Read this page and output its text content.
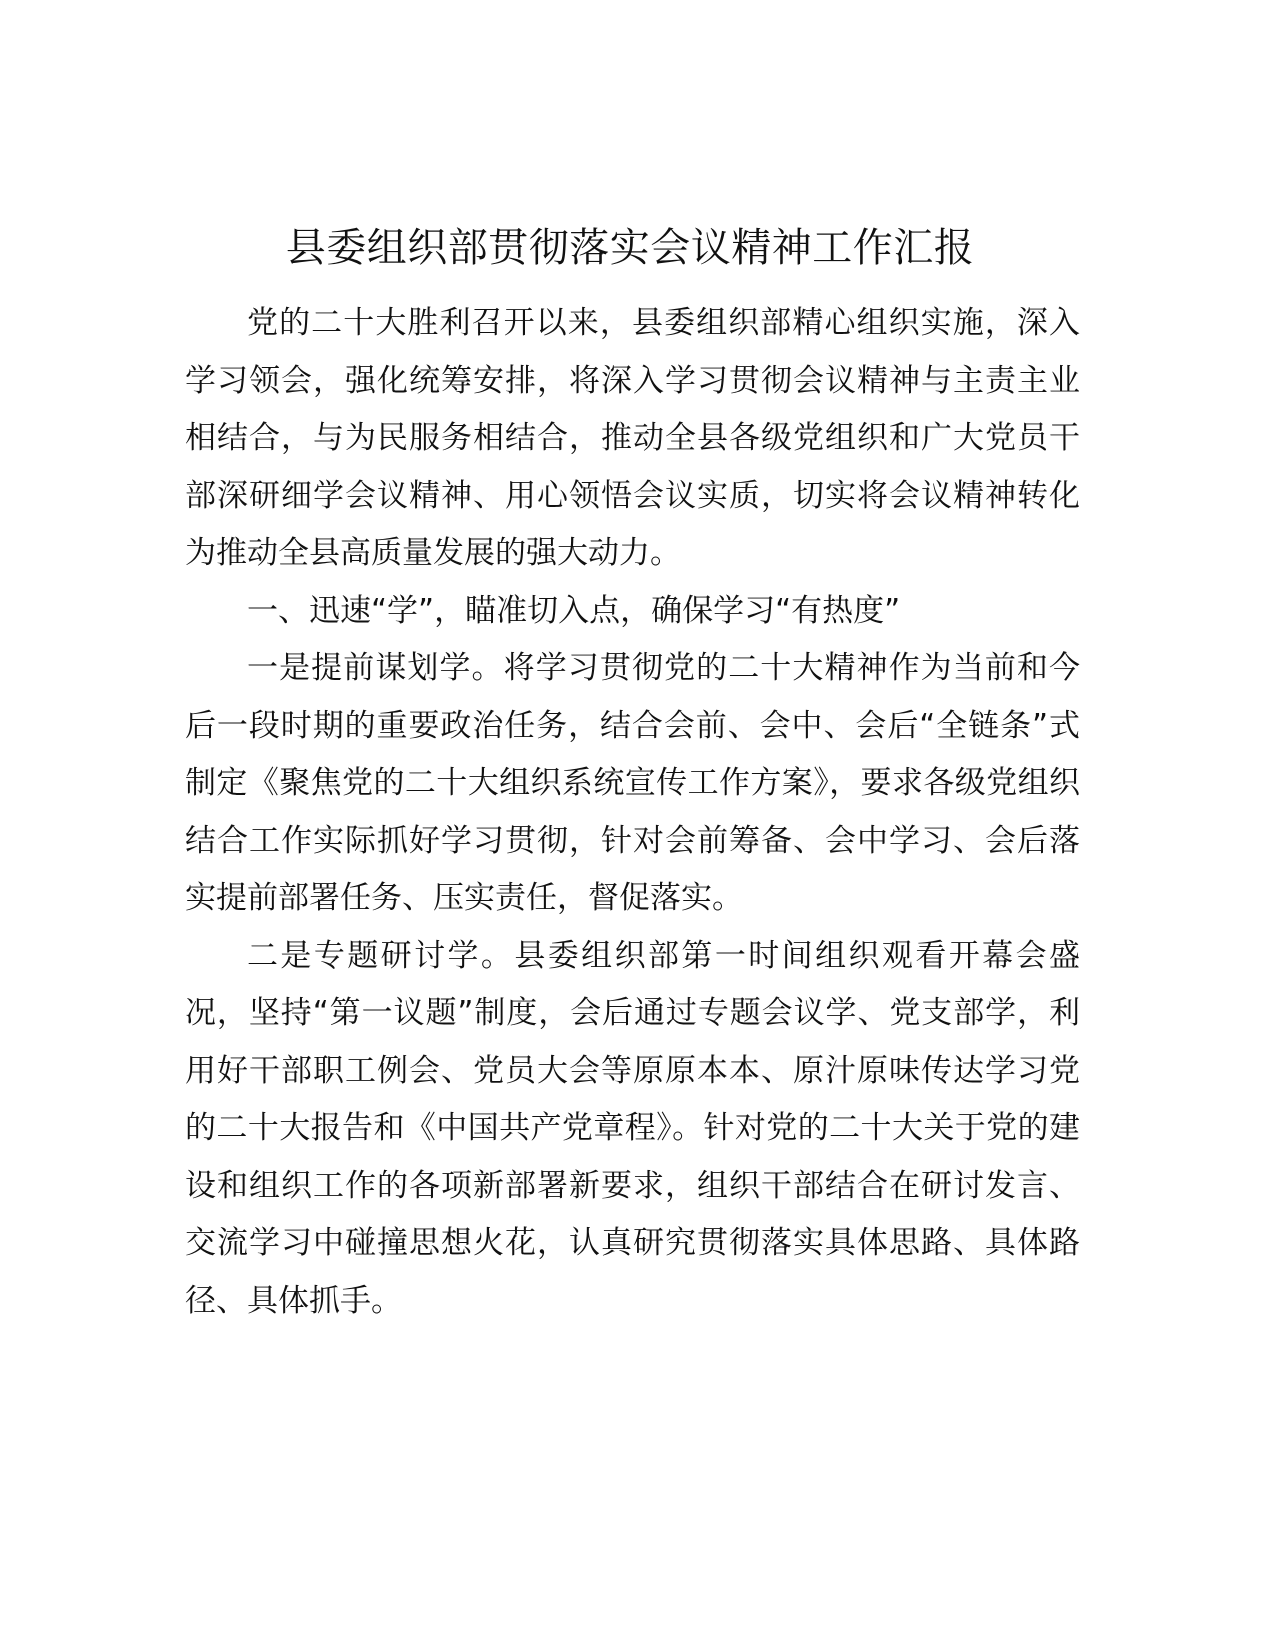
县委组织部贯彻落实会议精神工作汇报

党的二十大胜利召开以来，县委组织部精心组织实施，深入学习领会，强化统筹安排，将深入学习贯彻会议精神与主责主业相结合，与为民服务相结合，推动全县各级党组织和广大党员干部深研细学会议精神、用心领悟会议实质，切实将会议精神转化为推动全县高质量发展的强大动力。

一、迅速“学”，瞄准切入点，确保学习“有热度”

一是提前谋划学。将学习贯彻党的二十大精神作为当前和今后一段时期的重要政治任务，结合会前、会中、会后“全链条”式制定《聚焦党的二十大组织系统宣传工作方案》，要求各级党组织结合工作实际抓好学习贯彻，针对会前筹备、会中学习、会后落实提前部署任务、压实责任，督促落实。

二是专题研讨学。县委组织部第一时间组织观看开幕会盛况，坚持“第一议题”制度，会后通过专题会议学、党支部学，利用好干部职工例会、党员大会等原原本本、原汁原味传达学习党的二十大报告和《中国共产党章程》。针对党的二十大关于党的建设和组织工作的各项新部署新要求，组织干部结合在研讨发言、交流学习中碰撞思想火花，认真研究贯彻落实具体思路、具体路径、具体抓手。
